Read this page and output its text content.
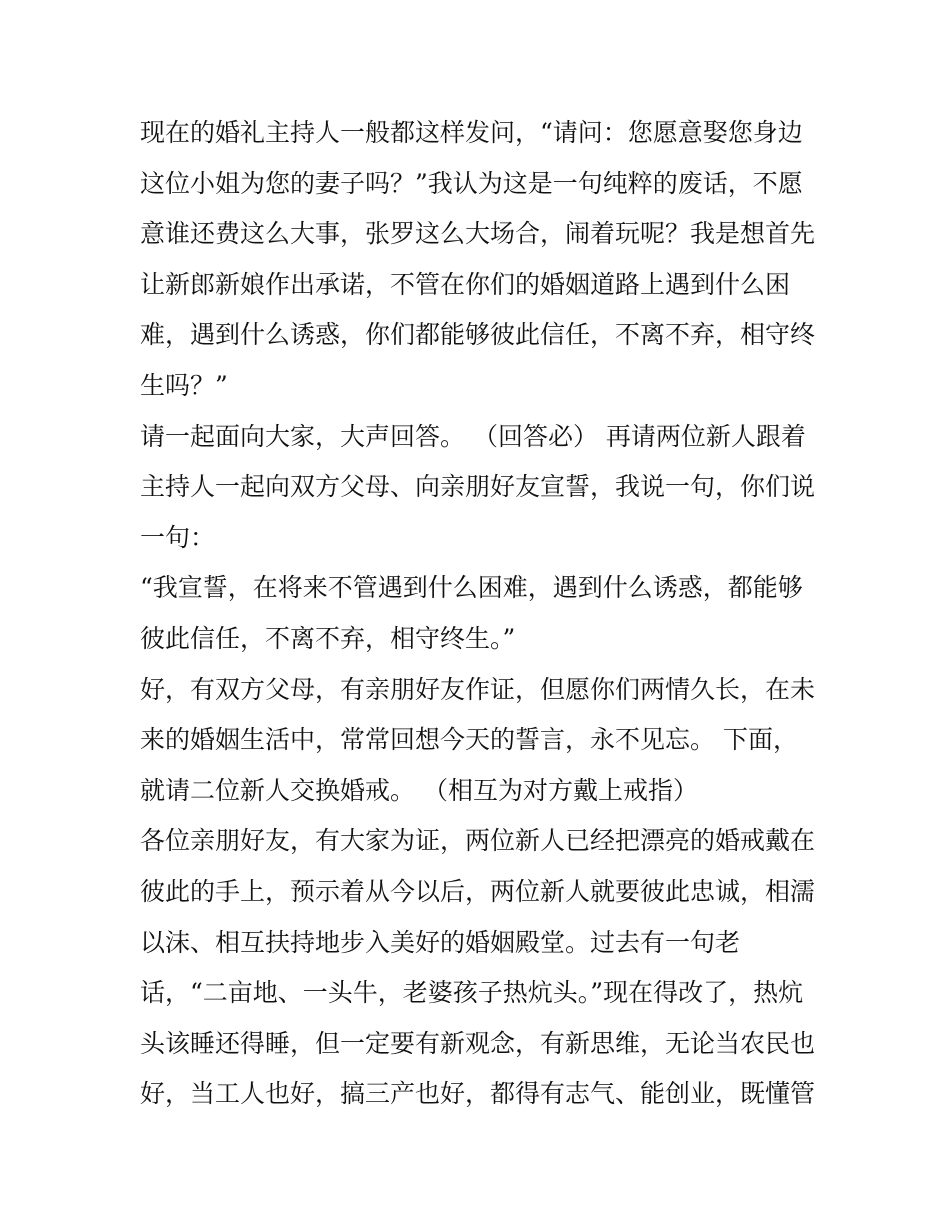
现在的婚礼主持人一般都这样发问，“请问：您愿意娶您身边
这位小姐为您的妻子吗？”我认为这是一句纯粹的废话，不愿
意谁还费这么大事，张罗这么大场合，闹着玩呢？我是想首先
让新郎新娘作出承诺，不管在你们的婚姻道路上遇到什么困
难，遇到什么诱惑，你们都能够彼此信任，不离不弃，相守终
生吗？”
请一起面向大家，大声回答。 （回答必） 再请两位新人跟着
主持人一起向双方父母、向亲朋好友宣誓，我说一句，你们说
一句：
“我宣誓，在将来不管遇到什么困难，遇到什么诱惑，都能够
彼此信任，不离不弃，相守终生。”
好，有双方父母，有亲朋好友作证，但愿你们两情久长，在未
来的婚姻生活中，常常回想今天的誓言，永不见忘。 下面，
就请二位新人交换婚戒。 （相互为对方戴上戒指）
各位亲朋好友，有大家为证，两位新人已经把漂亮的婚戒戴在
彼此的手上，预示着从今以后，两位新人就要彼此忠诚，相濡
以沫、相互扶持地步入美好的婚姻殿堂。过去有一句老
话，“二亩地、一头牛，老婆孩子热炕头。”现在得改了，热炕
头该睡还得睡，但一定要有新观念，有新思维，无论当农民也
好，当工人也好，搞三产也好，都得有志气、能创业，既懂管
